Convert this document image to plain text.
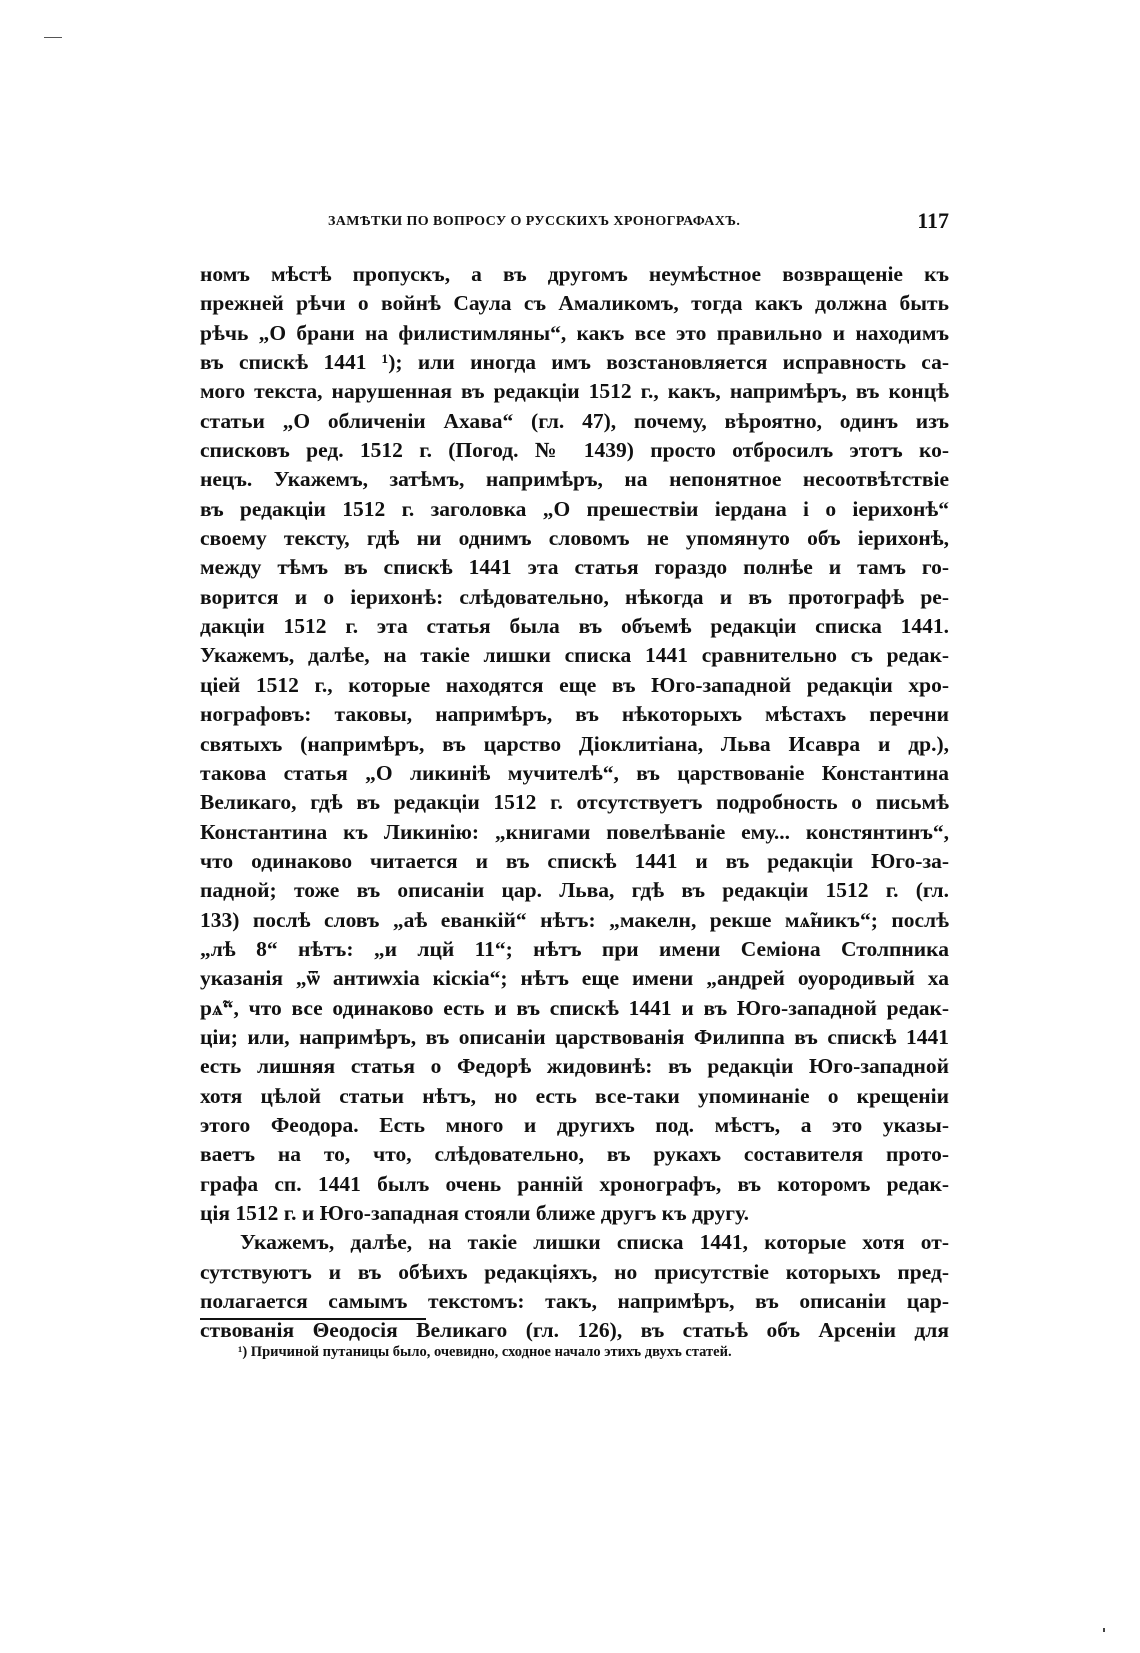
ЗАМѢТКИ ПО ВОПРОСУ О РУССКИХЪ ХРОНОГРАФАХЪ.	117
номъ мѣстѣ пропускъ, а въ другомъ неумѣстное возвращеніе къ
прежней рѣчи о войнѣ Саула съ Амаликомъ, тогда какъ должна быть
рѣчь „О брани на филистимляны“, какъ все это правильно и находимъ
въ спискѣ 1441 ¹); или иногда имъ возстановляется исправность са-
мого текста, нарушенная въ редакціи 1512 г., какъ, напримѣръ, въ концѣ
статьи „О обличеніи Ахава“ (гл. 47), почему, вѣроятно, одинъ изъ
списковъ ред. 1512 г. (Погод. № 1439) просто отбросилъ этотъ ко-
нецъ. Укажемъ, затѣмъ, напримѣръ, на непонятное несоотвѣтствіе
въ редакціи 1512 г. заголовка „О прешествіи іердана і о іерихонѣ“
своему тексту, гдѣ ни однимъ словомъ не упомянуто объ іерихонѣ,
между тѣмъ въ спискѣ 1441 эта статья гораздо полнѣе и тамъ го-
ворится и о іерихонѣ: слѣдовательно, нѣкогда и въ протографѣ ре-
дакціи 1512 г. эта статья была въ объемѣ редакціи списка 1441.
Укажемъ, далѣе, на такіе лишки списка 1441 сравнительно съ редак-
ціей 1512 г., которые находятся еще въ Юго-западной редакціи хро-
нографовъ: таковы, напримѣръ, въ нѣкоторыхъ мѣстахъ перечни
святыхъ (напримѣръ, въ царство Діоклитіана, Льва Исавра и др.),
такова статья „О ликиніѣ мучителѣ“, въ царствованіе Константина
Великаго, гдѣ въ редакціи 1512 г. отсутствуетъ подробность о письмѣ
Константина къ Ликинію: „книгами повелѣваніе ему... констянтинъ“,
что одинаково читается и въ спискѣ 1441 и въ редакціи Юго-за-
падной; тоже въ описаніи цар. Льва, гдѣ въ редакціи 1512 г. (гл.
133) послѣ словъ „аѣ еванкій“ нѣтъ: „макелн, рекше мѧ̃никъ“; послѣ
„лѣ 8“ нѣтъ: „и лцй 11“; нѣтъ при имени Семіона Столпника
указанія „ѿ антиѡхіа кіскіа“; нѣтъ еще имени „андрей оуородивый ха
рѧ̃“, что все одинаково есть и въ спискѣ 1441 и въ Юго-западной редак-
ціи; или, напримѣръ, въ описаніи царствованія Филиппа въ спискѣ 1441
есть лишняя статья о Федорѣ жидовинѣ: въ редакціи Юго-западной
хотя цѣлой статьи нѣтъ, но есть все-таки упоминаніе о крещеніи
этого Феодора. Есть много и другихъ под. мѣстъ, а это указы-
ваетъ на то, что, слѣдовательно, въ рукахъ составителя прото-
графа сп. 1441 былъ очень ранній хронографъ, въ которомъ редак-
ція 1512 г. и Юго-западная стояли ближе другъ къ другу.
Укажемъ, далѣе, на такіе лишки списка 1441, которые хотя от-
сутствуютъ и въ обѣихъ редакціяхъ, но присутствіе которыхъ пред-
полагается самымъ текстомъ: такъ, напримѣръ, въ описаніи цар-
ствованія Θеодосія Великаго (гл. 126), въ статьѣ объ Арсеніи для
¹) Причиной путаницы было, очевидно, сходное начало этихъ двухъ статей.
